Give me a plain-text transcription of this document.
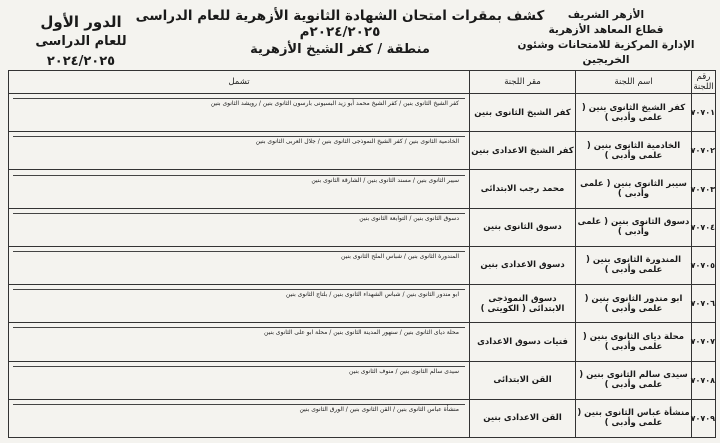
الأزهر الشريف
قطاع المعاهد الأزهرية
الإدارة المركزية للامتحانات وشئون الخريجين
كشف بمقرات امتحان الشهادة الثانوية الأزهرية للعام الدراسى ٢٠٢٤/٢٠٢٥م
منطقة / كفر الشيخ الأزهرية
الدور الأول
للعام الدراسى ٢٠٢٤/٢٠٢٥
رقم اللجنة	اسم اللجنة	مقر اللجنة	تشمل
٧٠٧٠١	كفر الشيخ الثانوى بنين ( علمى وأدبى )	كفر الشيخ الثانوى بنين	كفر الشيخ الثانوى بنين / كفر الشيخ محمد أبو زيد البسيونى بارسون الثانوى بنين / رويشد الثانوى بنين

٧٠٧٠٢	الخادمية الثانوى بنين ( علمى وأدبى )	كفر الشيخ الاعدادى بنين	الخادمية الثانوى بنين / كفر الشيخ النموذجى الثانوى بنين / جلال العربى الثانوى بنين

٧٠٧٠٣	سيبر الثانوى بنين ( علمى وأدبى )	محمد رجب الابتدائى	سيبر الثانوى بنين / مسند الثانوى بنين / الشارقة الثانوى بنين

٧٠٧٠٤	دسوق الثانوى بنين ( علمى وأدبى )	دسوق الثانوى بنين	دسوق الثانوى بنين / التوابعة الثانوى بنين

٧٠٧٠٥	المندورة الثانوى بنين ( علمى وأدبى )	دسوق الاعدادى بنين	المندورة الثانوى بنين / شباس الملح الثانوى بنين

٧٠٧٠٦	ابو مندور الثانوى بنين ( علمى وأدبى )	دسوق النموذجى الابتدائى ( الكويتى )	ابو مندور الثانوى بنين / شباس الشهداء الثانوى بنين / بلتاج الثانوى بنين

٧٠٧٠٧	محلة دياى الثانوى بنين ( علمى وأدبى )	فتيات دسوق الاعدادى	محلة دياى الثانوى بنين / سنهور المدينة الثانوى بنين / محلة ابو على الثانوى بنين

٧٠٧٠٨	سيدى سالم الثانوى بنين ( علمى وأدبى )	القن الابتدائى	سيدى سالم الثانوى بنين / منوف الثانوى بنين

٧٠٧٠٩	منشأة عباس الثانوى بنين ( علمى وأدبى )	القن الاعدادى بنين	منشأة عباس الثانوى بنين / القن الثانوى بنين / الورق الثانوى بنين
